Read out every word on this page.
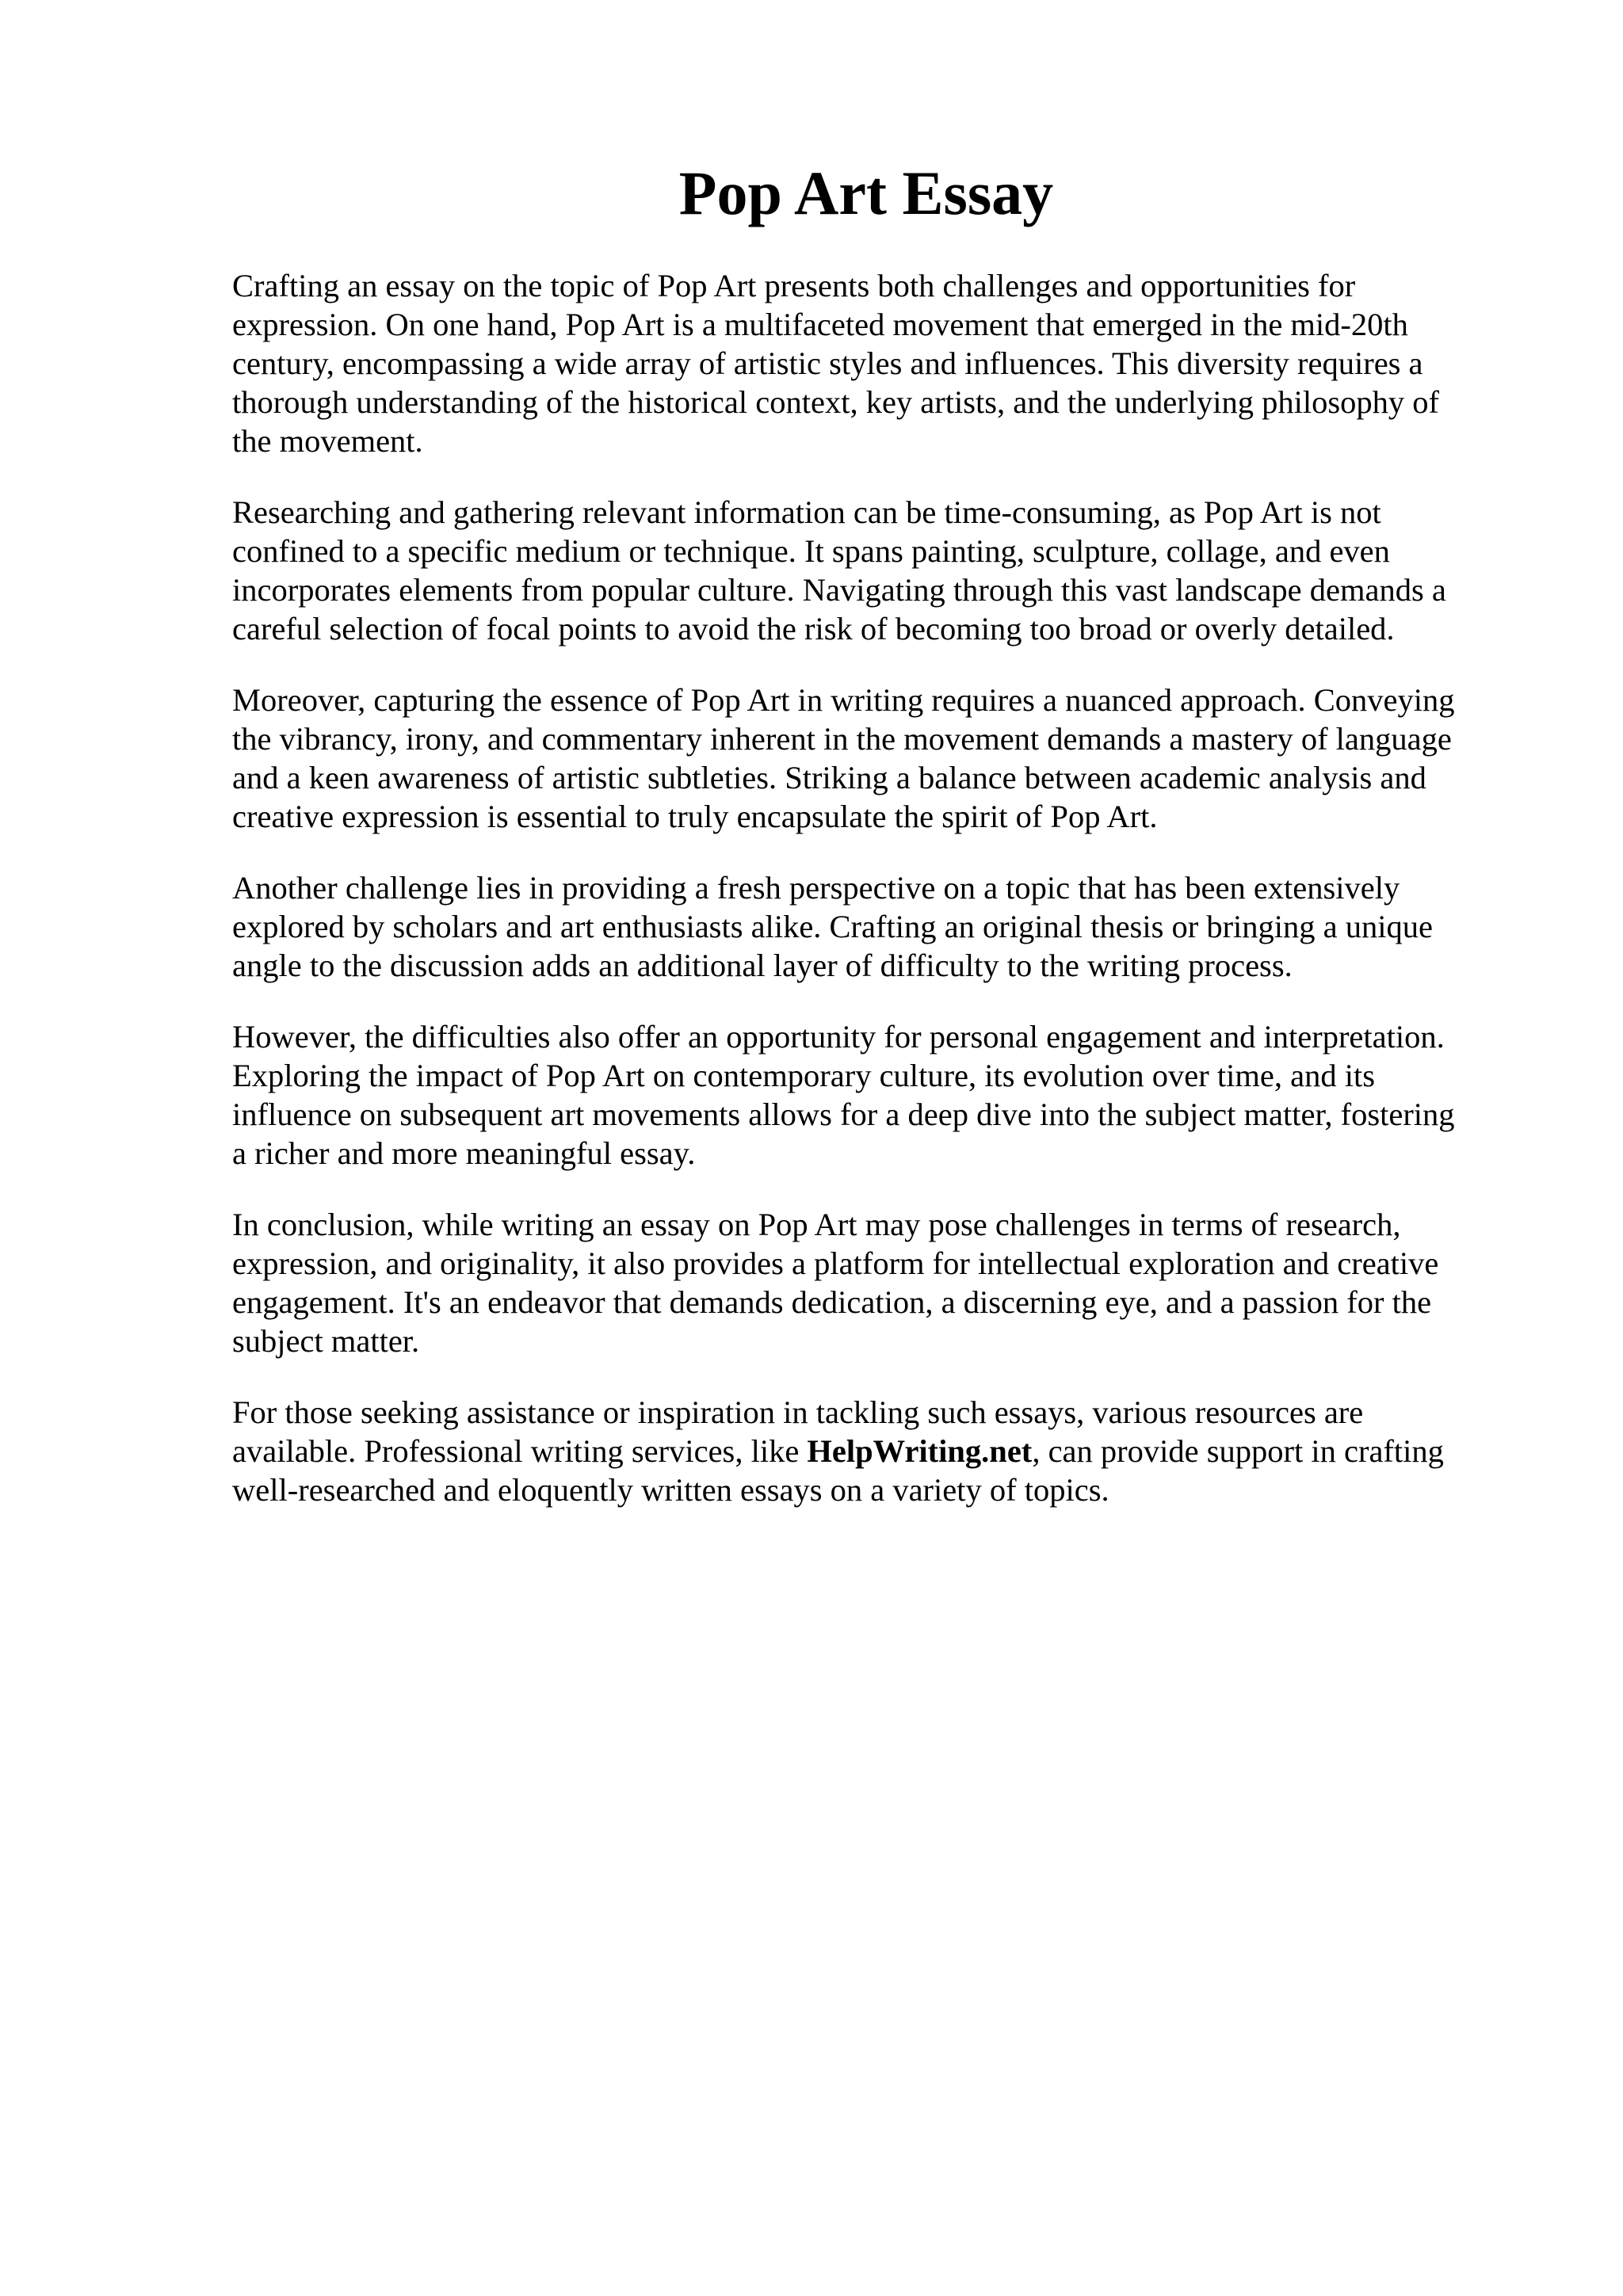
Pop Art Essay

Crafting an essay on the topic of Pop Art presents both challenges and opportunities for
expression. On one hand, Pop Art is a multifaceted movement that emerged in the mid-20th
century, encompassing a wide array of artistic styles and influences. This diversity requires a
thorough understanding of the historical context, key artists, and the underlying philosophy of
the movement.

Researching and gathering relevant information can be time-consuming, as Pop Art is not
confined to a specific medium or technique. It spans painting, sculpture, collage, and even
incorporates elements from popular culture. Navigating through this vast landscape demands a
careful selection of focal points to avoid the risk of becoming too broad or overly detailed.

Moreover, capturing the essence of Pop Art in writing requires a nuanced approach. Conveying
the vibrancy, irony, and commentary inherent in the movement demands a mastery of language
and a keen awareness of artistic subtleties. Striking a balance between academic analysis and
creative expression is essential to truly encapsulate the spirit of Pop Art.

Another challenge lies in providing a fresh perspective on a topic that has been extensively
explored by scholars and art enthusiasts alike. Crafting an original thesis or bringing a unique
angle to the discussion adds an additional layer of difficulty to the writing process.

However, the difficulties also offer an opportunity for personal engagement and interpretation.
Exploring the impact of Pop Art on contemporary culture, its evolution over time, and its
influence on subsequent art movements allows for a deep dive into the subject matter, fostering
a richer and more meaningful essay.

In conclusion, while writing an essay on Pop Art may pose challenges in terms of research,
expression, and originality, it also provides a platform for intellectual exploration and creative
engagement. It's an endeavor that demands dedication, a discerning eye, and a passion for the
subject matter.

For those seeking assistance or inspiration in tackling such essays, various resources are
available. Professional writing services, like HelpWriting.net, can provide support in crafting
well-researched and eloquently written essays on a variety of topics.
